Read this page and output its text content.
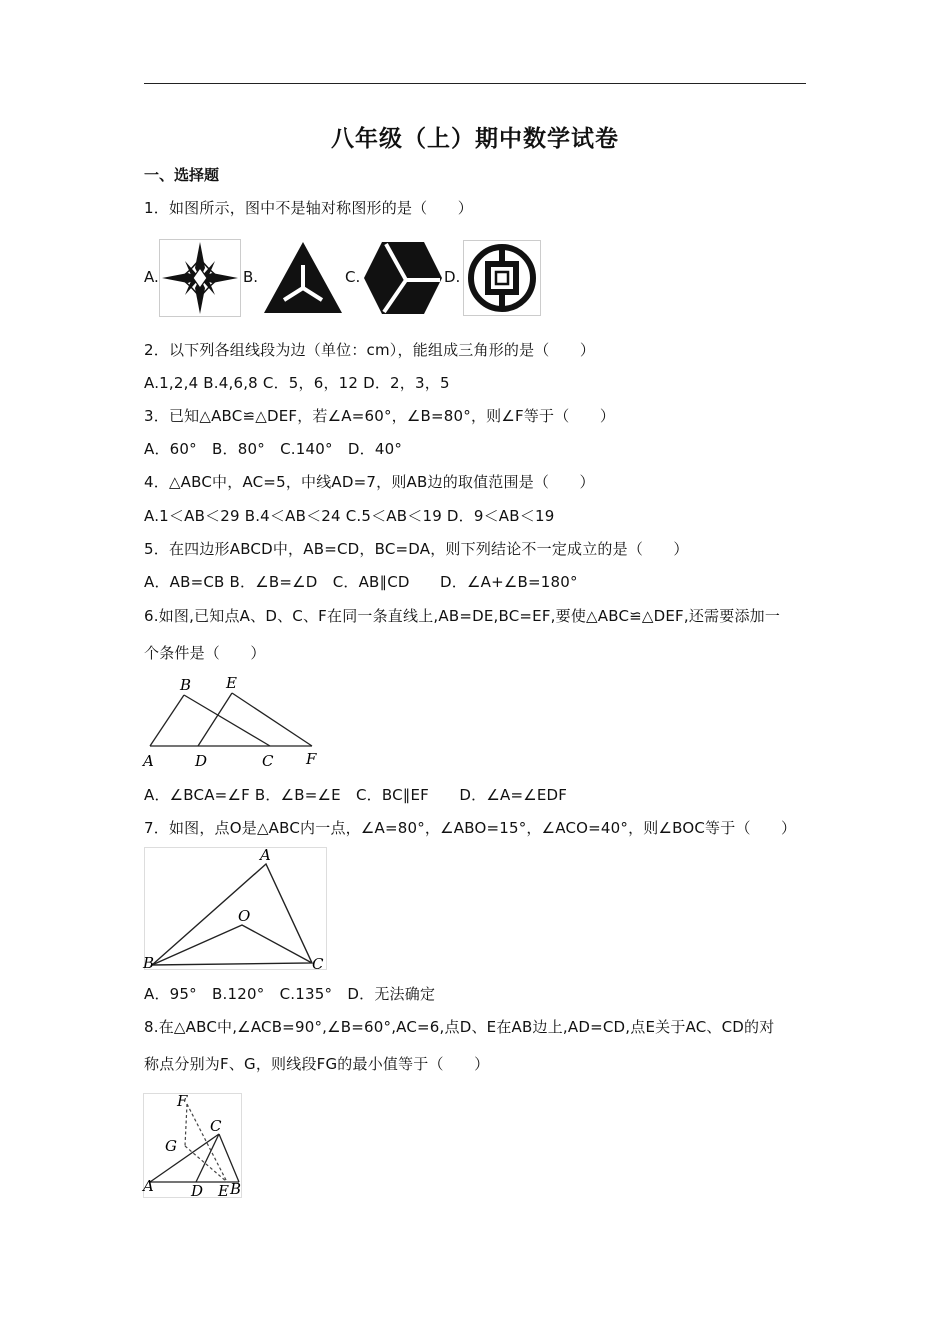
八年级（上）期中数学试卷
一、选择题
1．如图所示，图中不是轴对称图形的是（　　）
A.	B.	C.	D.
2．以下列各组线段为边（单位：cm），能组成三角形的是（　　）
A.1,2,4 B.4,6,8 C．5，6，12 D．2，3，5
3．已知△ABC≌△DEF，若∠A=60°，∠B=80°，则∠F等于（　　）
A．60°　B．80°　C.140°　D．40°
4．△ABC中，AC=5，中线AD=7，则AB边的取值范围是（　　）
A.1＜AB＜29 B.4＜AB＜24 C.5＜AB＜19 D．9＜AB＜19
5．在四边形ABCD中，AB=CD，BC=DA，则下列结论不一定成立的是（　　）
A．AB=CB B．∠B=∠D　C．AB∥CD　　D．∠A+∠B=180°
6.如图,已知点A、D、C、F在同一条直线上,AB=DE,BC=EF,要使△ABC≌△DEF,还需要添加一
个条件是（　　）
B E
A	D	C F
A．∠BCA=∠F B．∠B=∠E　C．BC∥EF　　D．∠A=∠EDF
7．如图，点O是△ABC内一点，∠A=80°，∠ABO=15°，∠ACO=40°，则∠BOC等于（　　）
A
O
B	C
A．95°　B.120°　C.135°　D．无法确定
8.在△ABC中,∠ACB=90°,∠B=60°,AC=6,点D、E在AB边上,AD=CD,点E关于AC、CD的对
称点分别为F、G，则线段FG的最小值等于（　　）
F
G
C
A D E B
